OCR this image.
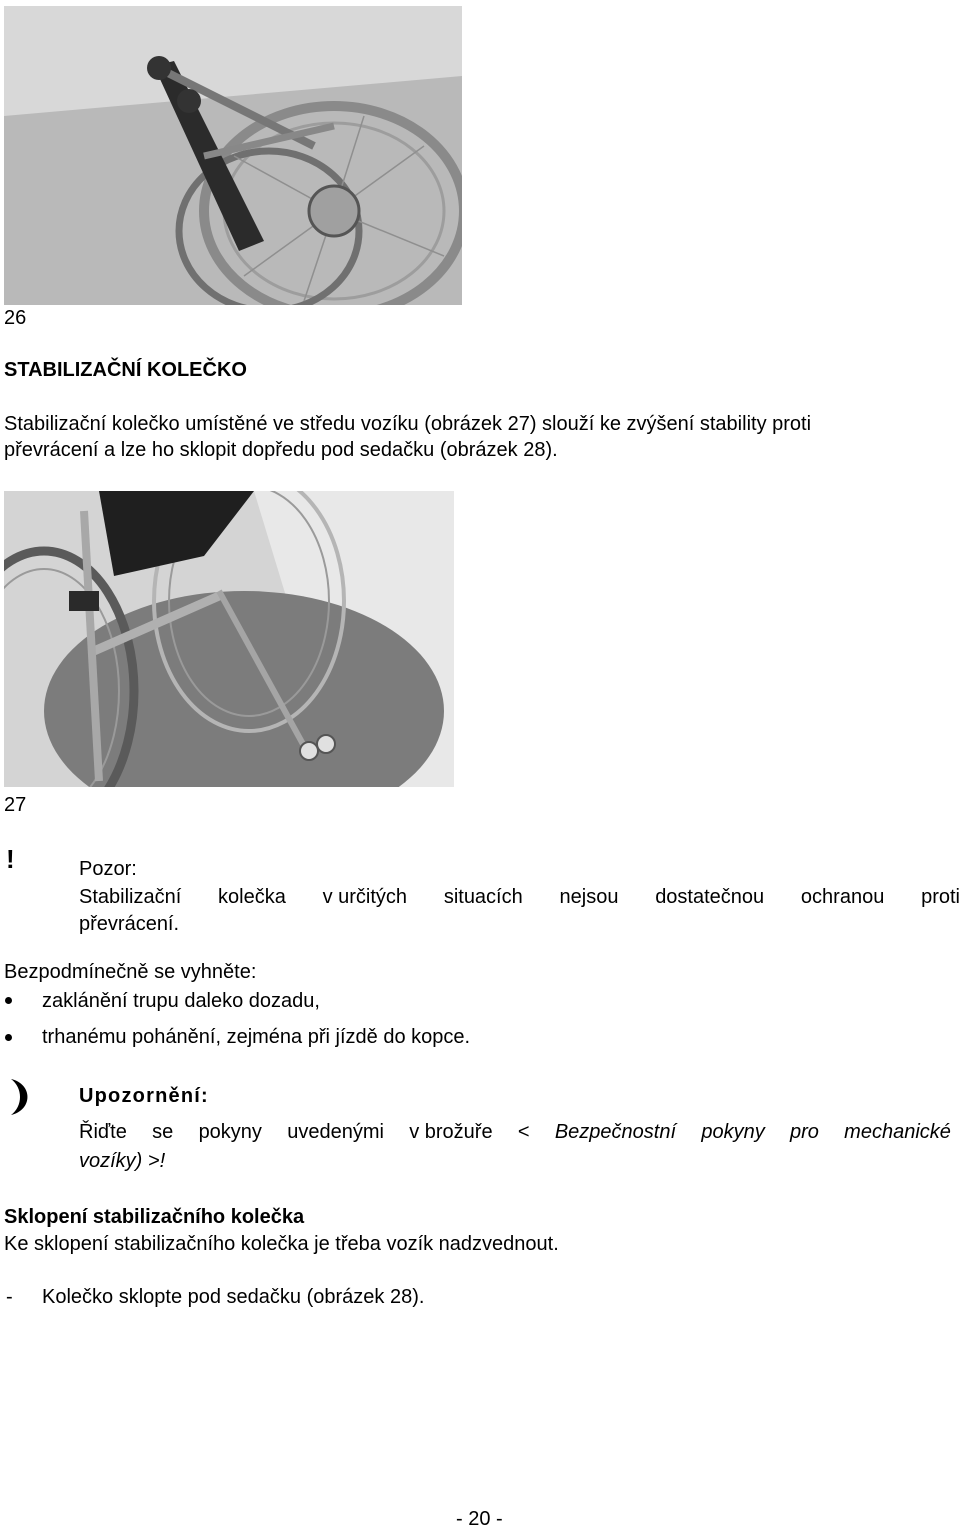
26
STABILIZAČNÍ KOLEČKO
Stabilizační kolečko umístěné ve středu vozíku (obrázek 27) slouží ke zvýšení stability proti
převrácení a lze ho sklopit dopředu pod sedačku (obrázek 28).
27
!	Pozor:
Stabilizační kolečka v určitých situacích nejsou dostatečnou ochranou proti
převrácení.
Bezpodmínečně se vyhněte:
zaklánění trupu daleko dozadu,
trhanému pohánění, zejména při jízdě do kopce.
Upozornění:
Řiďte se pokyny uvedenými v brožuře < Bezpečnostní pokyny pro mechanické
vozíky) >!
Sklopení stabilizačního kolečka
Ke sklopení stabilizačního kolečka je třeba vozík nadzvednout.
- Kolečko sklopte pod sedačku (obrázek 28).
- 20 -
